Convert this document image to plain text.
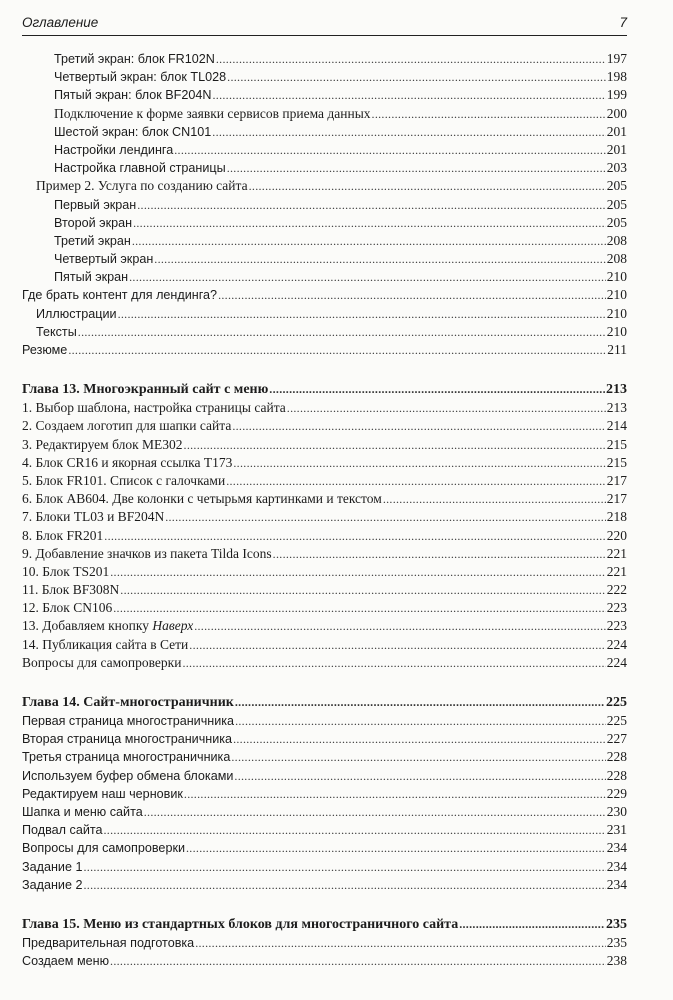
Оглавление	7
Третий экран: блок FR102N .....	197
Четвертый экран: блок TL028 .....	198
Пятый экран: блок BF204N .....	199
Подключение к форме заявки сервисов приема данных .....	200
Шестой экран: блок CN101 .....	201
Настройки лендинга .....	201
Настройка главной страницы .....	203
Пример 2. Услуга по созданию сайта .....	205
Первый экран .....	205
Второй экран .....	205
Третий экран .....	208
Четвертый экран .....	208
Пятый экран .....	210
Где брать контент для лендинга? .....	210
Иллюстрации .....	210
Тексты .....	210
Резюме .....	211
Глава 13. Многоэкранный сайт с меню .....	213
1. Выбор шаблона, настройка страницы сайта .....	213
2. Создаем логотип для шапки сайта .....	214
3. Редактируем блок ME302 .....	215
4. Блок CR16 и якорная ссылка T173 .....	215
5. Блок FR101. Список с галочками .....	217
6. Блок AB604. Две колонки с четырьмя картинками и текстом .....	217
7. Блоки TL03 и BF204N .....	218
8. Блок FR201 .....	220
9. Добавление значков из пакета Tilda Icons .....	221
10. Блок TS201 .....	221
11. Блок BF308N .....	222
12. Блок CN106 .....	223
13. Добавляем кнопку Наверх .....	223
14. Публикация сайта в Сети .....	224
Вопросы для самопроверки .....	224
Глава 14. Сайт-многостраничник .....	225
Первая страница многостраничника .....	225
Вторая страница многостраничника .....	227
Третья страница многостраничника .....	228
Используем буфер обмена блоками .....	228
Редактируем наш черновик .....	229
Шапка и меню сайта .....	230
Подвал сайта .....	231
Вопросы для самопроверки .....	234
Задание 1 .....	234
Задание 2 .....	234
Глава 15. Меню из стандартных блоков для многостраничного сайта .....	235
Предварительная подготовка .....	235
Создаем меню .....	238
